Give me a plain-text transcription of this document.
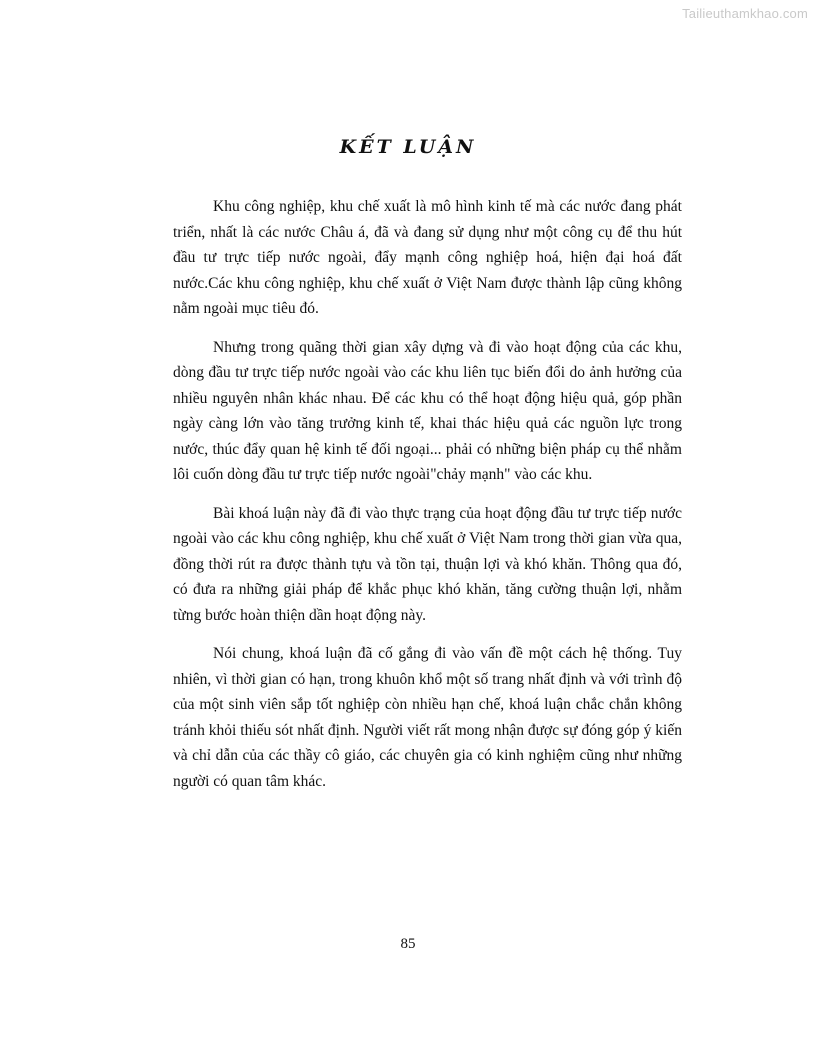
Tailieuthamkhao.com
KẾT LUẬN

Khu công nghiệp, khu chế xuất là mô hình kinh tế mà các nước đang phát triển, nhất là các nước Châu á, đã và đang sử dụng như một công cụ để thu hút đầu tư trực tiếp nước ngoài, đẩy mạnh công nghiệp hoá, hiện đại hoá đất nước.Các khu công nghiệp, khu chế xuất ở Việt Nam được thành lập cũng không nằm ngoài mục tiêu đó.

Nhưng trong quãng thời gian xây dựng và đi vào hoạt động của các khu, dòng đầu tư trực tiếp nước ngoài vào các khu liên tục biến đổi do ảnh hưởng của nhiều nguyên nhân khác nhau. Để các khu có thể hoạt động hiệu quả, góp phần ngày càng lớn vào tăng trưởng kinh tế, khai thác hiệu quả các nguồn lực trong nước, thúc đẩy quan hệ kinh tế đối ngoại... phải có những biện pháp cụ thể nhằm lôi cuốn dòng đầu tư trực tiếp nước ngoài"chảy mạnh" vào các khu.

Bài khoá luận này đã đi vào thực trạng của hoạt động đầu tư trực tiếp nước ngoài vào các khu công nghiệp, khu chế xuất ở Việt Nam trong thời gian vừa qua, đồng thời rút ra được thành tựu và tồn tại, thuận lợi và khó khăn. Thông qua đó, có đưa ra những giải pháp để khắc phục khó khăn, tăng cường thuận lợi, nhằm từng bước hoàn thiện dần hoạt động này.

Nói chung, khoá luận đã cố gắng đi vào vấn đề một cách hệ thống. Tuy nhiên, vì thời gian có hạn, trong khuôn khổ một số trang nhất định và với trình độ của một sinh viên sắp tốt nghiệp còn nhiều hạn chế, khoá luận chắc chắn không tránh khỏi thiếu sót nhất định. Người viết rất mong nhận được sự đóng góp ý kiến và chỉ dẫn của các thầy cô giáo, các chuyên gia có kinh nghiệm cũng như những người có quan tâm khác.

85
